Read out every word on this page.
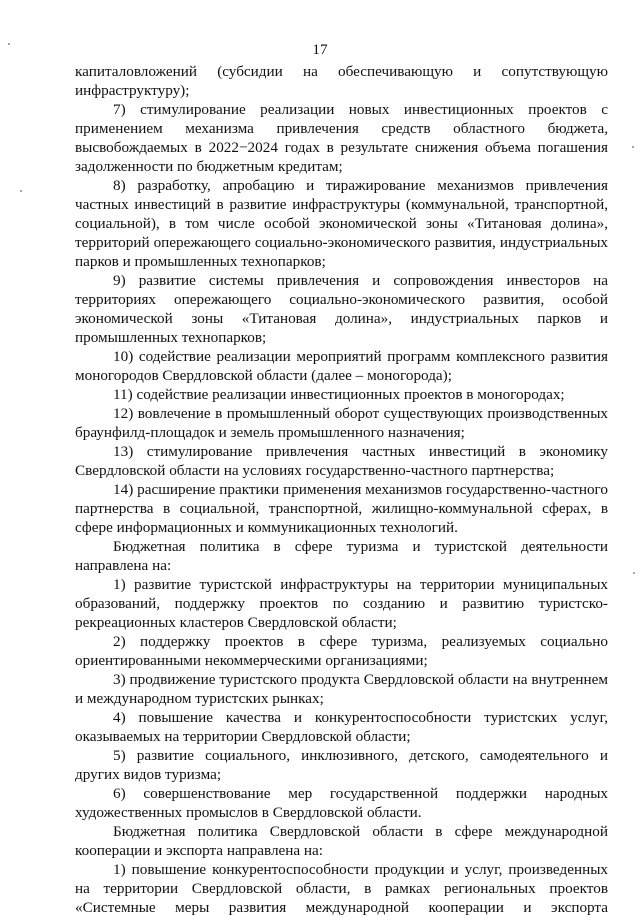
17

капиталовложений (субсидии на обеспечивающую и сопутствующую инфраструктуру);

7) стимулирование реализации новых инвестиционных проектов с применением механизма привлечения средств областного бюджета, высвобождаемых в 2022−2024 годах в результате снижения объема погашения задолженности по бюджетным кредитам;

8) разработку, апробацию и тиражирование механизмов привлечения частных инвестиций в развитие инфраструктуры (коммунальной, транспортной, социальной), в том числе особой экономической зоны «Титановая долина», территорий опережающего социально-экономического развития, индустриальных парков и промышленных технопарков;

9) развитие системы привлечения и сопровождения инвесторов на территориях опережающего социально-экономического развития, особой экономической зоны «Титановая долина», индустриальных парков и промышленных технопарков;

10) содействие реализации мероприятий программ комплексного развития моногородов Свердловской области (далее – моногорода);

11) содействие реализации инвестиционных проектов в моногородах;

12) вовлечение в промышленный оборот существующих производственных браунфилд-площадок и земель промышленного назначения;

13) стимулирование привлечения частных инвестиций в экономику Свердловской области на условиях государственно-частного партнерства;

14) расширение практики применения механизмов государственно-частного партнерства в социальной, транспортной, жилищно-коммунальной сферах, в сфере информационных и коммуникационных технологий.

Бюджетная политика в сфере туризма и туристской деятельности направлена на:

1) развитие туристской инфраструктуры на территории муниципальных образований, поддержку проектов по созданию и развитию туристско-рекреационных кластеров Свердловской области;

2) поддержку проектов в сфере туризма, реализуемых социально ориентированными некоммерческими организациями;

3) продвижение туристского продукта Свердловской области на внутреннем и международном туристских рынках;

4) повышение качества и конкурентоспособности туристских услуг, оказываемых на территории Свердловской области;

5) развитие социального, инклюзивного, детского, самодеятельного и других видов туризма;

6) совершенствование мер государственной поддержки народных художественных промыслов в Свердловской области.

Бюджетная политика Свердловской области в сфере международной кооперации и экспорта направлена на:

1) повышение конкурентоспособности продукции и услуг, произведенных на территории Свердловской области, в рамках региональных проектов «Системные меры развития международной кооперации и экспорта
